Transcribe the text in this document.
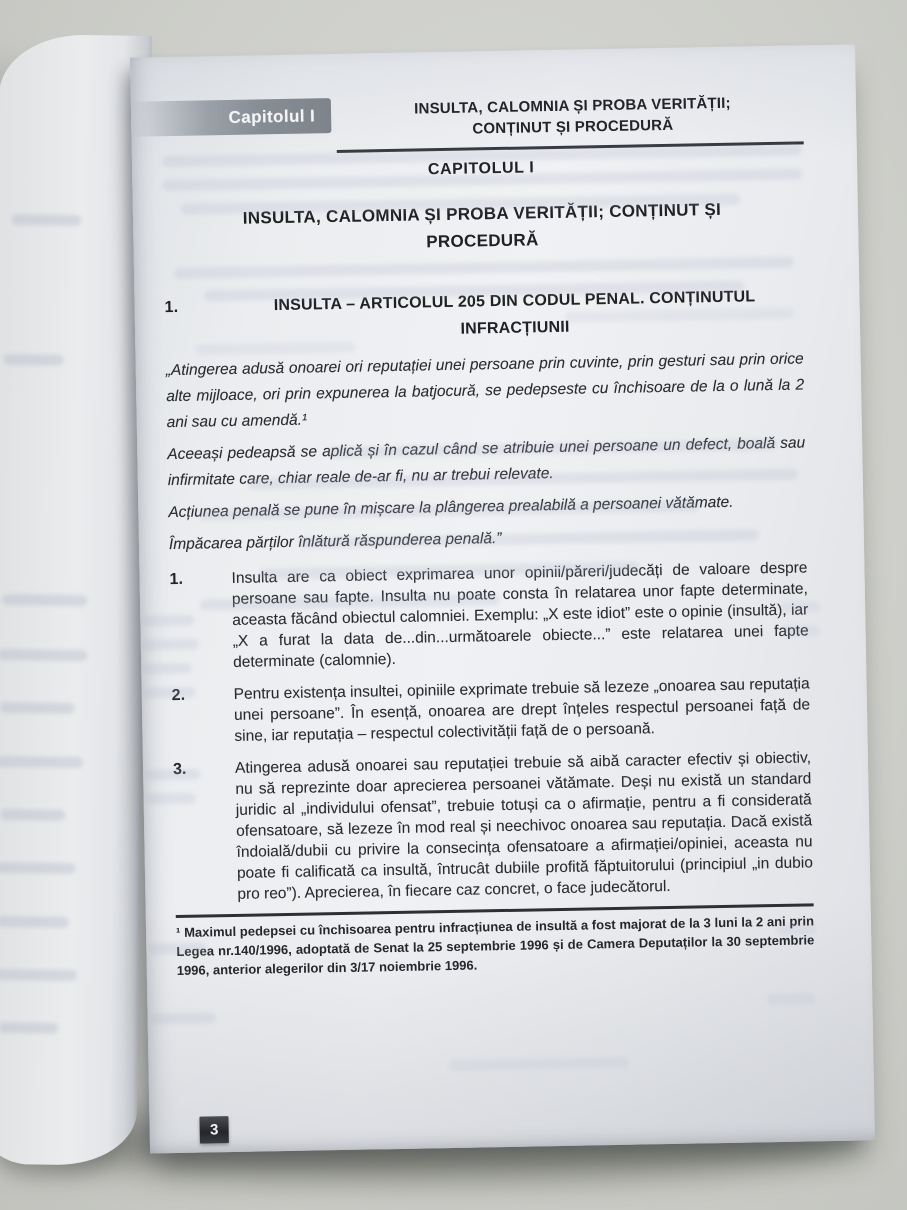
Capitolul I	INSULTA, CALOMNIA ȘI PROBA VERITĂȚII;
CONȚINUT ȘI PROCEDURĂ
CAPITOLUL I
INSULTA, CALOMNIA ȘI PROBA VERITĂȚII; CONȚINUT ȘI
PROCEDURĂ
1.	INSULTA – ARTICOLUL 205 DIN CODUL PENAL. CONȚINUTUL
INFRACȚIUNII

„Atingerea adusă onoarei ori reputației unei persoane prin cuvinte, prin gesturi sau prin orice alte mijloace, ori prin expunerea la batjocură, se pedepseste cu închisoare de la o lună la 2 ani sau cu amendă.¹

Aceeași pedeapsă se aplică și în cazul când se atribuie unei persoane un defect, boală sau infirmitate care, chiar reale de-ar fi, nu ar trebui relevate.

Acțiunea penală se pune în mișcare la plângerea prealabilă a persoanei vătămate.

Împăcarea părților înlătură răspunderea penală.”

1.	Insulta are ca obiect exprimarea unor opinii/păreri/judecăți de valoare despre persoane sau fapte. Insulta nu poate consta în relatarea unor fapte determinate, aceasta făcând obiectul calomniei. Exemplu: „X este idiot” este o opinie (insultă), iar „X a furat la data de...din...următoarele obiecte...” este relatarea unei fapte determinate (calomnie).
2.	Pentru existența insultei, opiniile exprimate trebuie să lezeze „onoarea sau reputația unei persoane”. În esență, onoarea are drept înțeles respectul persoanei față de sine, iar reputația – respectul colectivității față de o persoană.
3.	Atingerea adusă onoarei sau reputației trebuie să aibă caracter efectiv și obiectiv, nu să reprezinte doar aprecierea persoanei vătămate. Deși nu există un standard juridic al „individului ofensat”, trebuie totuși ca o afirmație, pentru a fi considerată ofensatoare, să lezeze în mod real și neechivoc onoarea sau reputația. Dacă există îndoială/dubii cu privire la consecința ofensatoare a afirmației/opiniei, aceasta nu poate fi calificată ca insultă, întrucât dubiile profită făptuitorului (principiul „in dubio pro reo”). Aprecierea, în fiecare caz concret, o face judecătorul.
¹ Maximul pedepsei cu închisoarea pentru infracțiunea de insultă a fost majorat de la 3 luni la 2 ani prin Legea nr.140/1996, adoptată de Senat la 25 septembrie 1996 și de Camera Deputaților la 30 septembrie 1996, anterior alegerilor din 3/17 noiembrie 1996.
3
